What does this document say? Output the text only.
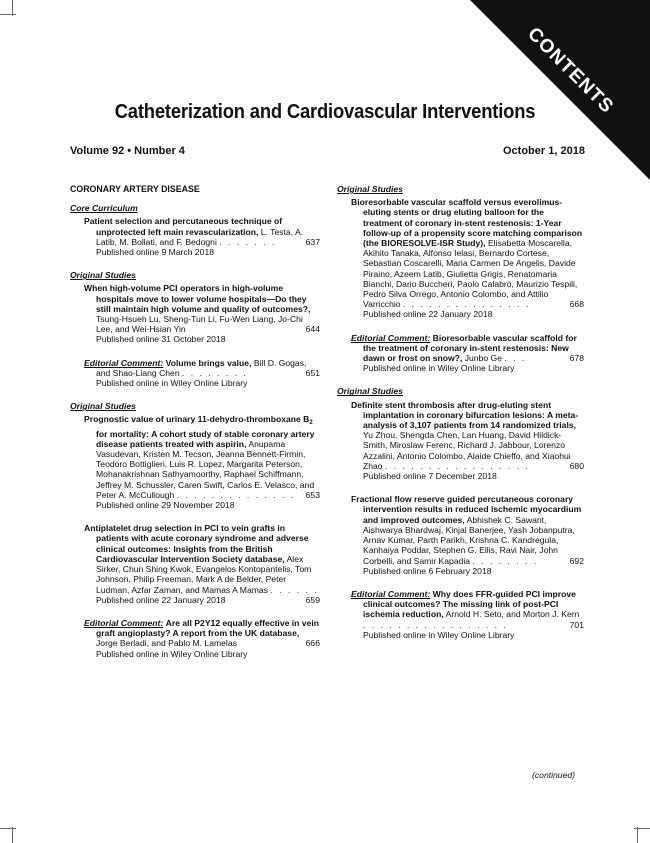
CONTENTS
Catheterization and Cardiovascular Interventions
Volume 92 • Number 4	October 1, 2018
CORONARY ARTERY DISEASE
Core Curriculum
Patient selection and percutaneous technique of unprotected left main revascularization, L. Testa, A. Latib, M. Bollati, and F. Bedogni . . . . . . .	637
Published online 9 March 2018
Original Studies
When high-volume PCI operators in high-volume hospitals move to lower volume hospitals—Do they still maintain high volume and quality of outcomes?, Tsung-Hsueh Lu, Sheng-Tun Li, Fu-Wen Liang, Jo-Chi Lee, and Wei-Hsian Yin	644
Published online 31 October 2018
Editorial Comment: Volume brings value, Bill D. Gogas, and Shao-Liang Chen . . . . . . . .	651
Published online in Wiley Online Library
Original Studies
Prognostic value of urinary 11-dehydro-thromboxane $B_2$ for mortality: A cohort study of stable coronary artery disease patients treated with aspirin, Anupama Vasudevan, Kristen M. Tecson, Jeanna Bennett-Firmin, Teodoro Bottiglieri, Luis R. Lopez, Margarita Peterson, Mohanakrishnan Sathyamoorthy, Raphael Schiffmann, Jeffrey M. Schussler, Caren Swift, Carlos E. Velasco, and Peter A. McCullough . . . . . . . . . . . . . . 653
Published online 29 November 2018
Antiplatelet drug selection in PCI to vein grafts in patients with acute coronary syndrome and adverse clinical outcomes: Insights from the British Cardiovascular Intervention Society database, Alex Sirker, Chun Shing Kwok, Evangelos Kontopantelis, Tom Johnson, Philip Freeman, Mark A de Belder, Peter Ludman, Azfar Zaman, and Mamas A Mamas . . . . . .
659
Published online 22 January 2018
Editorial Comment: Are all P2Y12 equally effective in vein graft angioplasty? A report from the UK database, Jorge Berladi, and Pablo M. Lamelas	666
Published online in Wiley Online Library
Original Studies
Bioresorbable vascular scaffold versus everolimus-eluting stents or drug eluting balloon for the treatment of coronary in-stent restenosis: 1-Year follow-up of a propensity score matching comparison (the BIORESOLVE-ISR Study), Elisabetta Moscarella, Akihito Tanaka, Alfonso Ielasi, Bernardo Cortese, Sebastian Coscarelli, Maria Carmen De Angelis, Davide Piraino, Azeem Latib, Giulietta Grigis, Renatomaria Bianchi, Dario Buccheri, Paolo Calabrò, Maurizio Tespili, Pedro Silva Orrego, Antonio Colombo, and Attilio Varricchio . . . . . . . . . . . . . . .	668
Published online 22 January 2018
Editorial Comment: Bioresorbable vascular scaffold for the treatment of coronary in-stent restenosis: New dawn or frost on snow?, Junbo Ge . . .	678
Published online in Wiley Online Library
Original Studies
Definite stent thrombosis after drug-eluting stent implantation in coronary bifurcation lesions: A meta-analysis of 3,107 patients from 14 randomized trials, Yu Zhou, Shengda Chen, Lan Huang, David Hildick-Smith, Miroslaw Ferenc, Richard J. Jabbour, Lorenzo Azzalini, Antonio Colombo, Alaide Chieffo, and Xiaohui Zhao . . . . . . . . . . . . . . . . .	680
Published online 7 December 2018
Fractional flow reserve guided percutaneous coronary intervention results in reduced ischemic myocardium and improved outcomes, Abhishek C. Sawant, Aishwarya Bhardwaj, Kinjal Banerjee, Yash Jobanputra, Arnav Kumar, Parth Parikh, Krishna C. Kandregula, Kanhaiya Poddar, Stephen G. Ellis, Ravi Nair, John Corbelli, and Samir Kapadia . . . . . . . .	692
Published online 6 February 2018
Editorial Comment: Why does FFR-guided PCI improve clinical outcomes? The missing link of post-PCI ischemia reduction, Arnold H. Seto, and Morton J. Kern . . . . . . . . . . . . . . . . .	701
Published online in Wiley Online Library
(continued)
